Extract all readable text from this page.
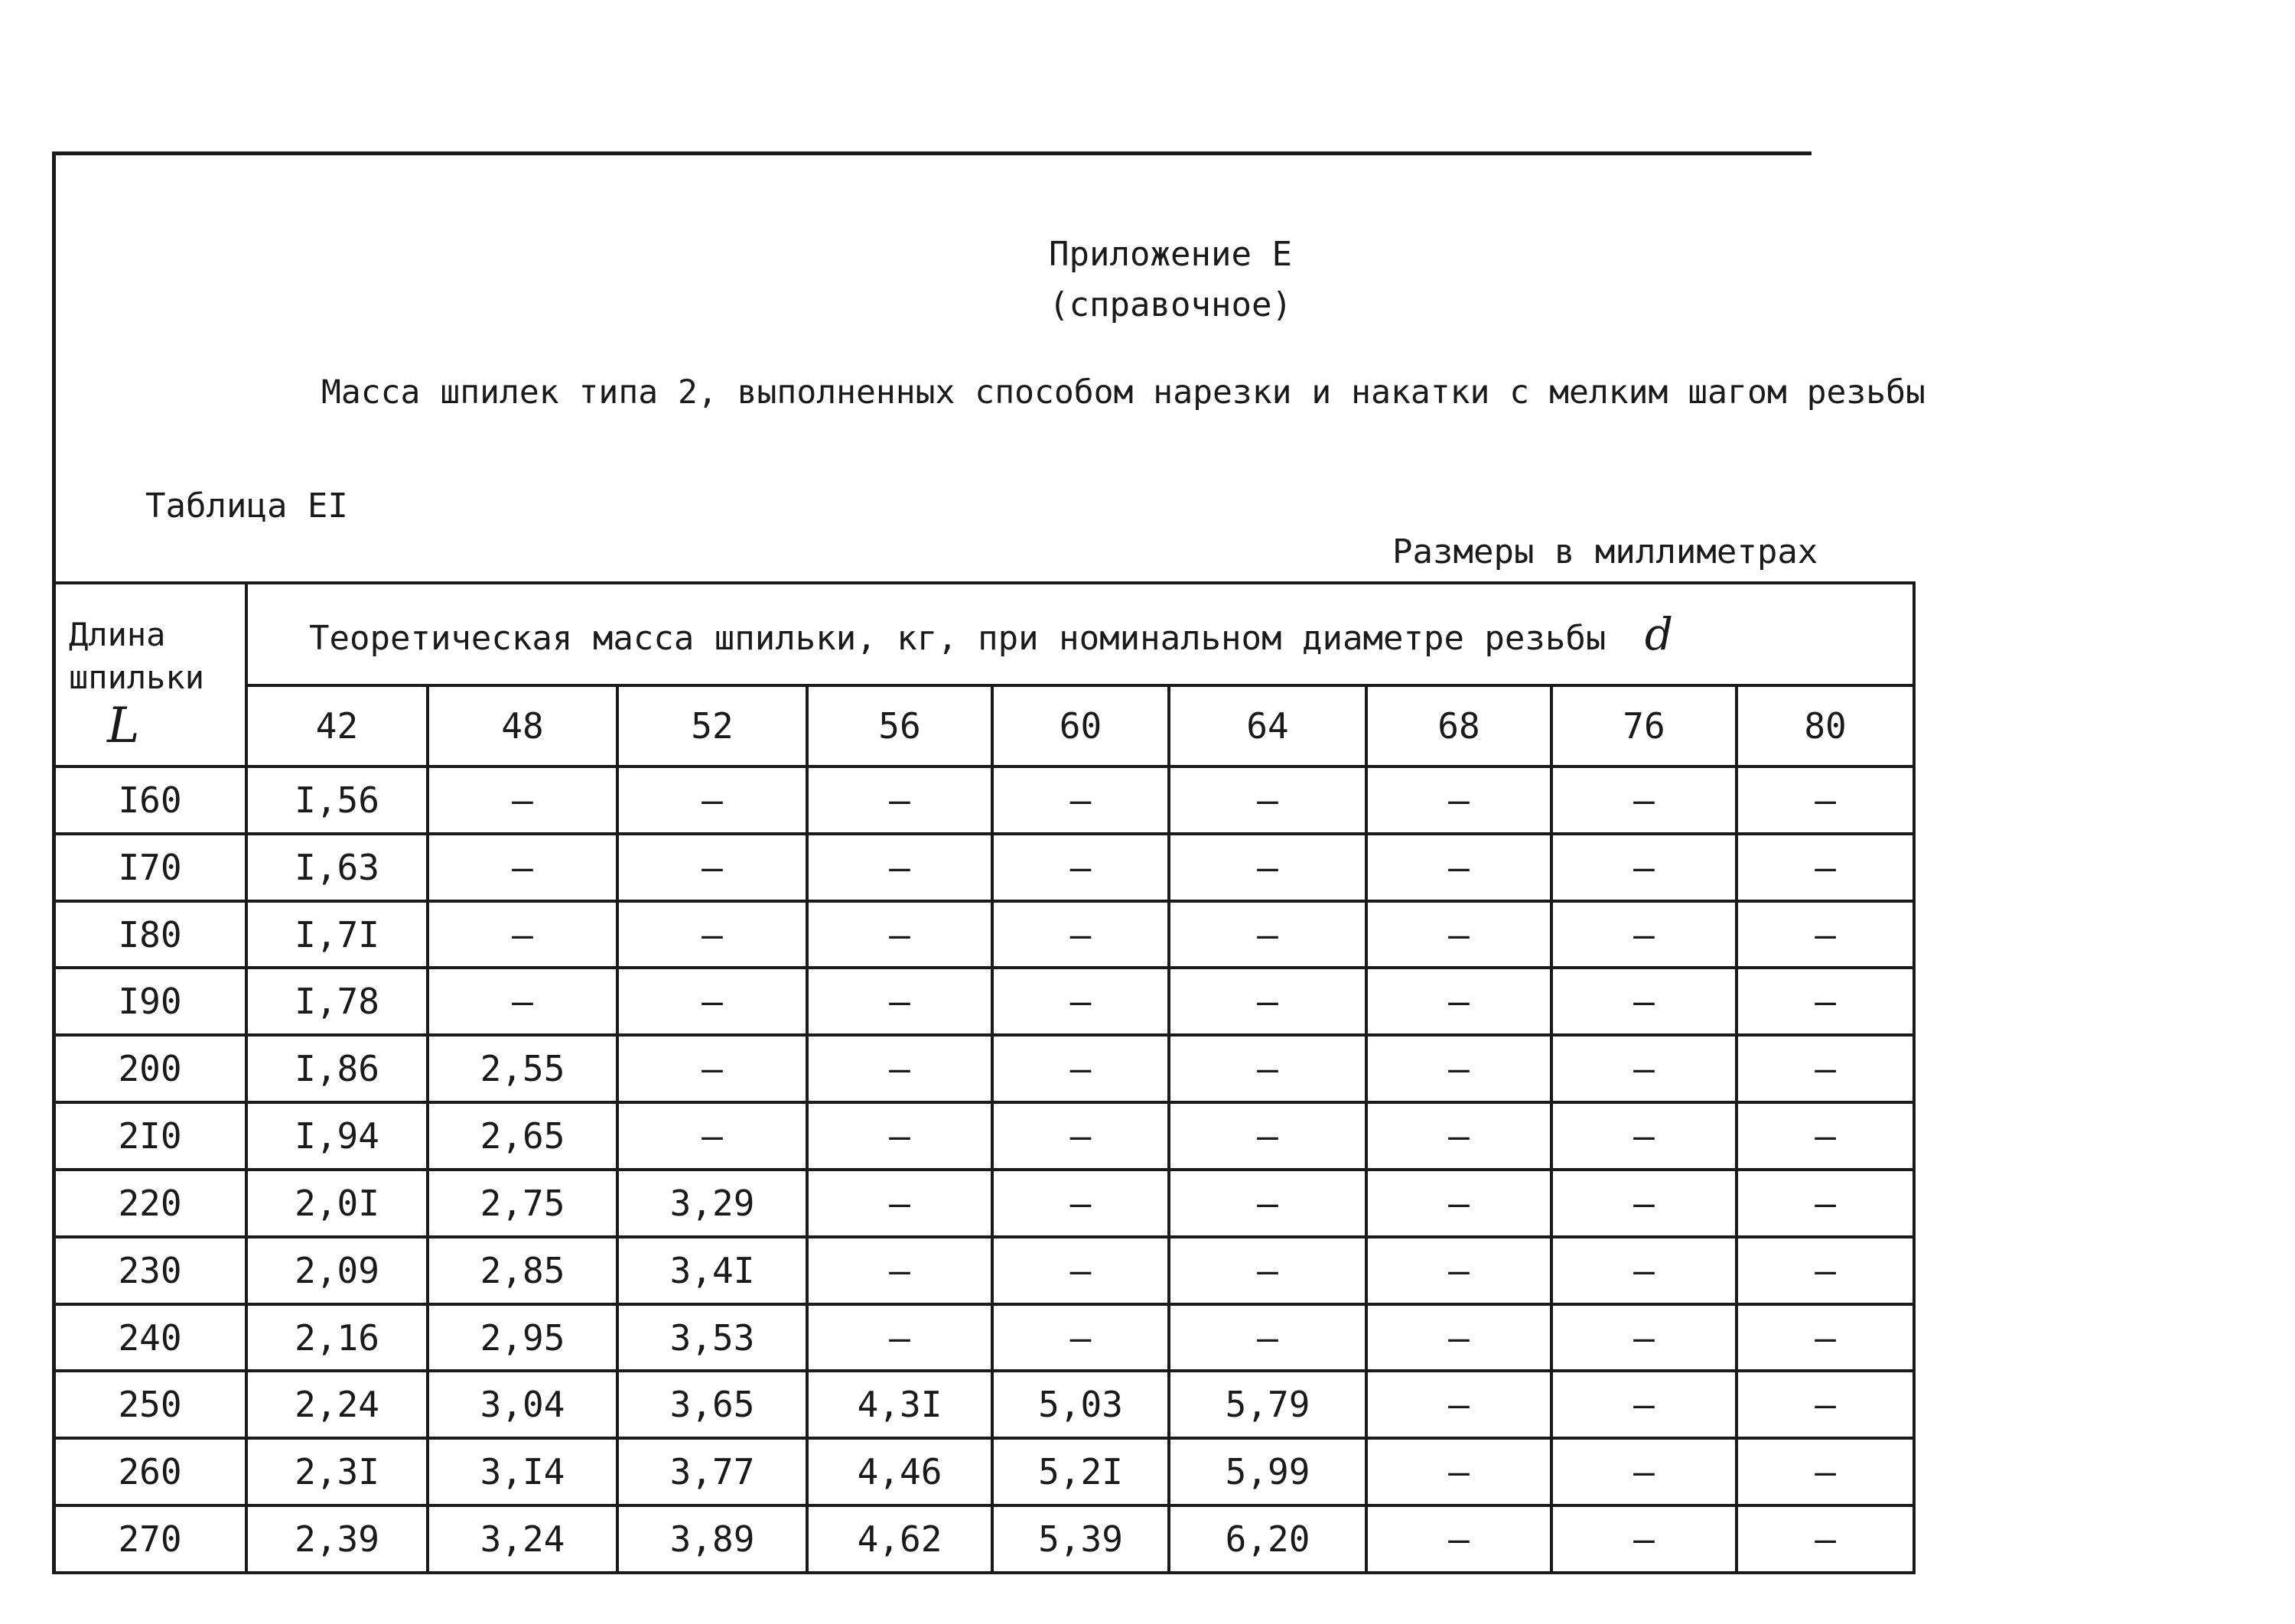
Приложение Е
(справочное)
Масса шпилек типа 2, выполненных способом нарезки и накатки с мелким шагом резьбы
Таблица ЕI
Размеры в миллиметрах
Длина шпильки
L	Теоретическая масса шпильки, кг, при номинальном диаметре резьбы d								
	42	48	52	56	60	64	68	76	80
I60	I,56	–	–	–	–	–	–	–	–
I70	I,63	–	–	–	–	–	–	–	–
I80	I,7I	–	–	–	–	–	–	–	–
I90	I,78	–	–	–	–	–	–	–	–
200	I,86	2,55	–	–	–	–	–	–	–
2I0	I,94	2,65	–	–	–	–	–	–	–
220	2,0I	2,75	3,29	–	–	–	–	–	–
230	2,09	2,85	3,4I	–	–	–	–	–	–
240	2,16	2,95	3,53	–	–	–	–	–	–
250	2,24	3,04	3,65	4,3I	5,03	5,79	–	–	–
260	2,3I	3,I4	3,77	4,46	5,2I	5,99	–	–	–
270	2,39	3,24	3,89	4,62	5,39	6,20	–	–	–
